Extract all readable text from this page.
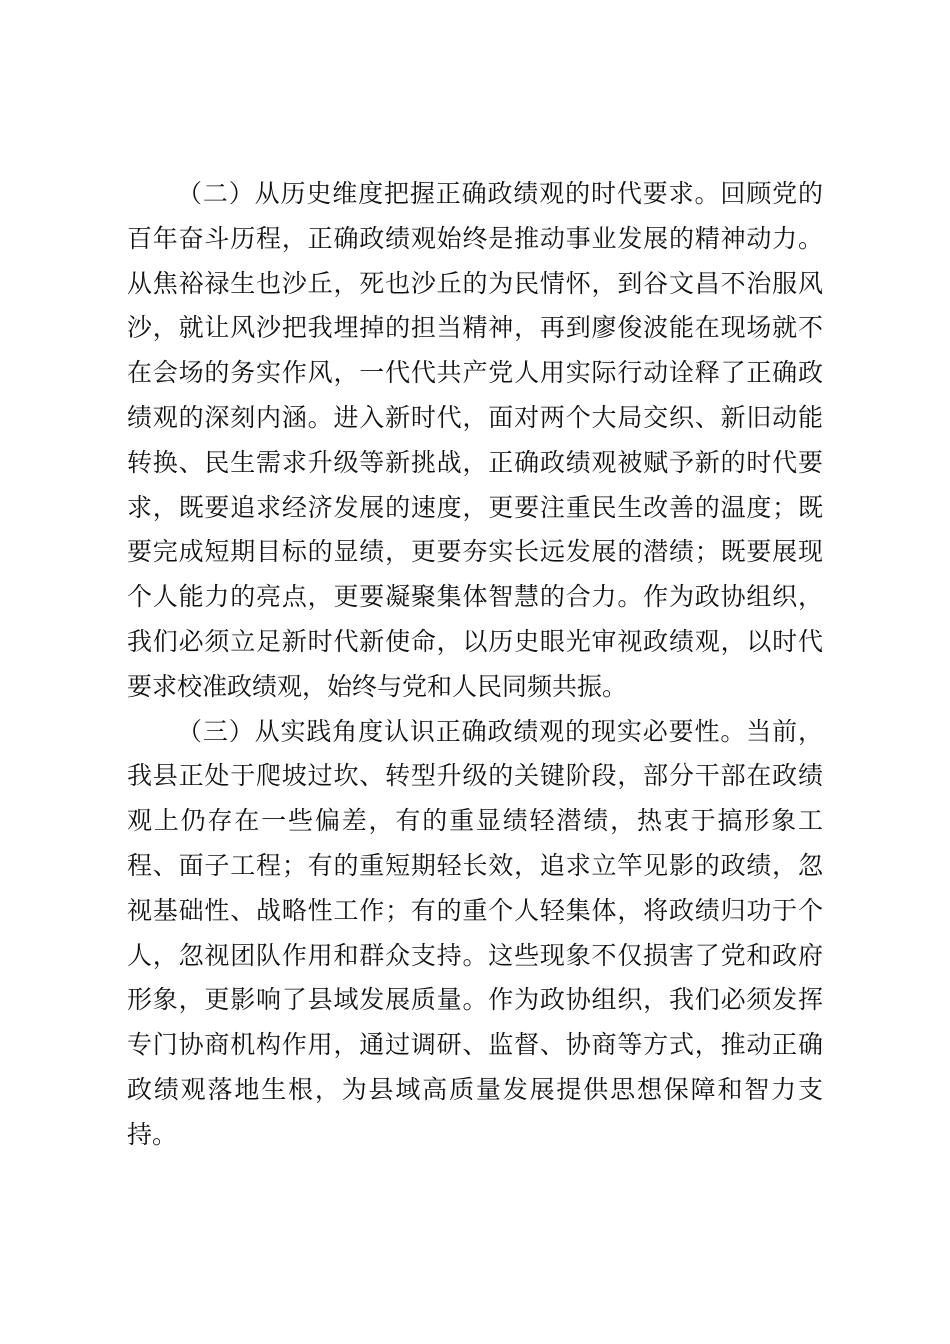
（二）从历史维度把握正确政绩观的时代要求。回顾党的百年奋斗历程，正确政绩观始终是推动事业发展的精神动力。从焦裕禄生也沙丘，死也沙丘的为民情怀，到谷文昌不治服风沙，就让风沙把我埋掉的担当精神，再到廖俊波能在现场就不在会场的务实作风，一代代共产党人用实际行动诠释了正确政绩观的深刻内涵。进入新时代，面对两个大局交织、新旧动能转换、民生需求升级等新挑战，正确政绩观被赋予新的时代要求，既要追求经济发展的速度，更要注重民生改善的温度；既要完成短期目标的显绩，更要夯实长远发展的潜绩；既要展现个人能力的亮点，更要凝聚集体智慧的合力。作为政协组织，我们必须立足新时代新使命，以历史眼光审视政绩观，以时代要求校准政绩观，始终与党和人民同频共振。

（三）从实践角度认识正确政绩观的现实必要性。当前，我县正处于爬坡过坎、转型升级的关键阶段，部分干部在政绩观上仍存在一些偏差，有的重显绩轻潜绩，热衷于搞形象工程、面子工程；有的重短期轻长效，追求立竿见影的政绩，忽视基础性、战略性工作；有的重个人轻集体，将政绩归功于个人，忽视团队作用和群众支持。这些现象不仅损害了党和政府形象，更影响了县域发展质量。作为政协组织，我们必须发挥专门协商机构作用，通过调研、监督、协商等方式，推动正确政绩观落地生根，为县域高质量发展提供思想保障和智力支持。
